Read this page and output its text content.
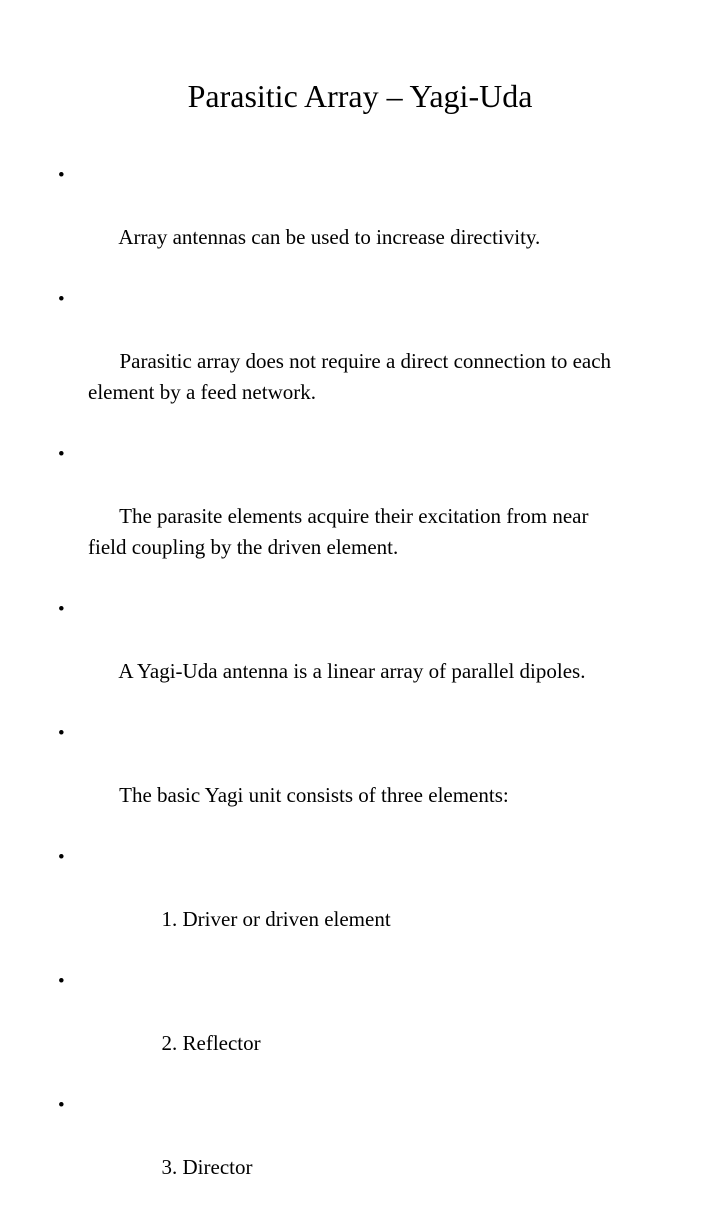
Parasitic Array – Yagi-Uda

•

Array antennas can be used to increase directivity.

•

Parasitic array does not require a direct connection to each
element by a feed network.

•

The parasite elements acquire their excitation from near
field coupling by the driven element.

•

A Yagi-Uda antenna is a linear array of parallel dipoles.

•

The basic Yagi unit consists of three elements:

•

1. Driver or driven element

•

2. Reflector

•

3. Director
